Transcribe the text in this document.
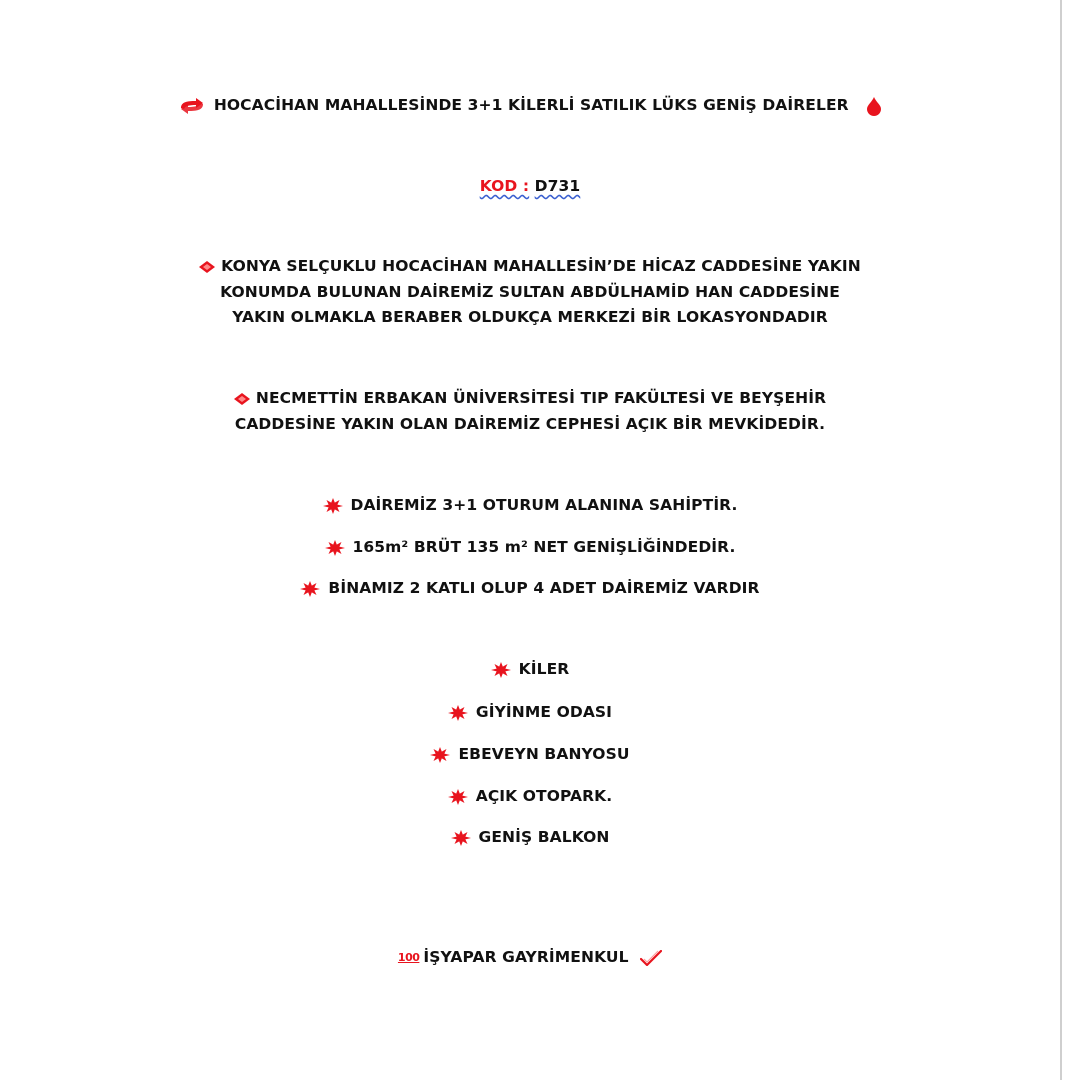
HOCACİHAN MAHALLESİNDE 3+1 KİLERLİ SATILIK LÜKS GENİŞ DAİRELER
KOD : D731
KONYA SELÇUKLU HOCACİHAN MAHALLESİN’DE HİCAZ CADDESİNE YAKIN
KONUMDA BULUNAN DAİREMİZ SULTAN ABDÜLHAMİD HAN CADDESİNE
YAKIN OLMAKLA BERABER OLDUKÇA MERKEZİ BİR LOKASYONDADIR
NECMETTİN ERBAKAN ÜNİVERSİTESİ TIP FAKÜLTESİ VE BEYŞEHİR
CADDESİNE YAKIN OLAN DAİREMİZ CEPHESİ AÇIK BİR MEVKİDEDİR.
DAİREMİZ 3+1 OTURUM ALANINA SAHİPTİR.
165m² BRÜT 135 m² NET GENİŞLİĞİNDEDİR.
BİNAMIZ 2 KATLI OLUP 4 ADET DAİREMİZ VARDIR
KİLER
GİYİNME ODASI
EBEVEYN BANYOSU
AÇIK OTOPARK.
GENİŞ BALKON
100 İŞYAPAR GAYRİMENKUL
